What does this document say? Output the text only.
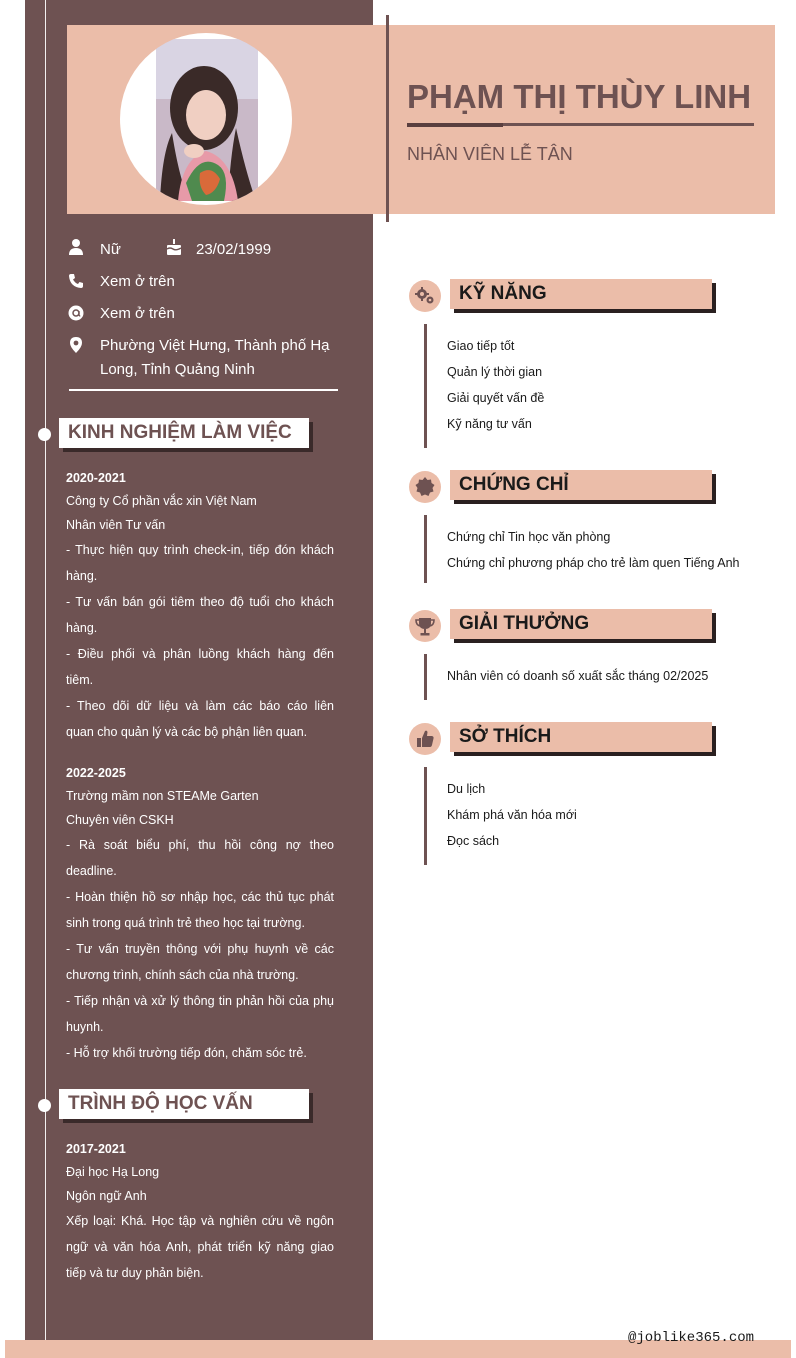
PHẠM THỊ THÙY LINH
NHÂN VIÊN LỄ TÂN
Nữ	23/02/1999
Xem ở trên
Xem ở trên
Phường Việt Hưng, Thành phố Hạ
Long, Tỉnh Quảng Ninh
KINH NGHIỆM LÀM VIỆC
2020-2021
Công ty Cổ phần vắc xin Việt Nam
Nhân viên Tư vấn
- Thực hiện quy trình check-in, tiếp đón khách
hàng.
- Tư vấn bán gói tiêm theo độ tuổi cho khách
hàng.
- Điều phối và phân luồng khách hàng đến
tiêm.
- Theo dõi dữ liệu và làm các báo cáo liên
quan cho quản lý và các bộ phận liên quan.
2022-2025
Trường mầm non STEAMe Garten
Chuyên viên CSKH
- Rà soát biểu phí, thu hồi công nợ theo
deadline.
- Hoàn thiện hồ sơ nhập học, các thủ tục phát
sinh trong quá trình trẻ theo học tại trường.
- Tư vấn truyền thông với phụ huynh về các
chương trình, chính sách của nhà trường.
- Tiếp nhận và xử lý thông tin phản hồi của phụ
huynh.
- Hỗ trợ khối trường tiếp đón, chăm sóc trẻ.
TRÌNH ĐỘ HỌC VẤN
2017-2021
Đại học Hạ Long
Ngôn ngữ Anh
Xếp loại: Khá. Học tập và nghiên cứu về ngôn
ngữ và văn hóa Anh, phát triển kỹ năng giao
tiếp và tư duy phản biện.
KỸ NĂNG
Giao tiếp tốt
Quản lý thời gian
Giải quyết vấn đề
Kỹ năng tư vấn
CHỨNG CHỈ
Chứng chỉ Tin học văn phòng
Chứng chỉ phương pháp cho trẻ làm quen Tiếng Anh
GIẢI THƯỞNG
Nhân viên có doanh số xuất sắc tháng 02/2025
SỞ THÍCH
Du lịch
Khám phá văn hóa mới
Đọc sách
@joblike365.com
